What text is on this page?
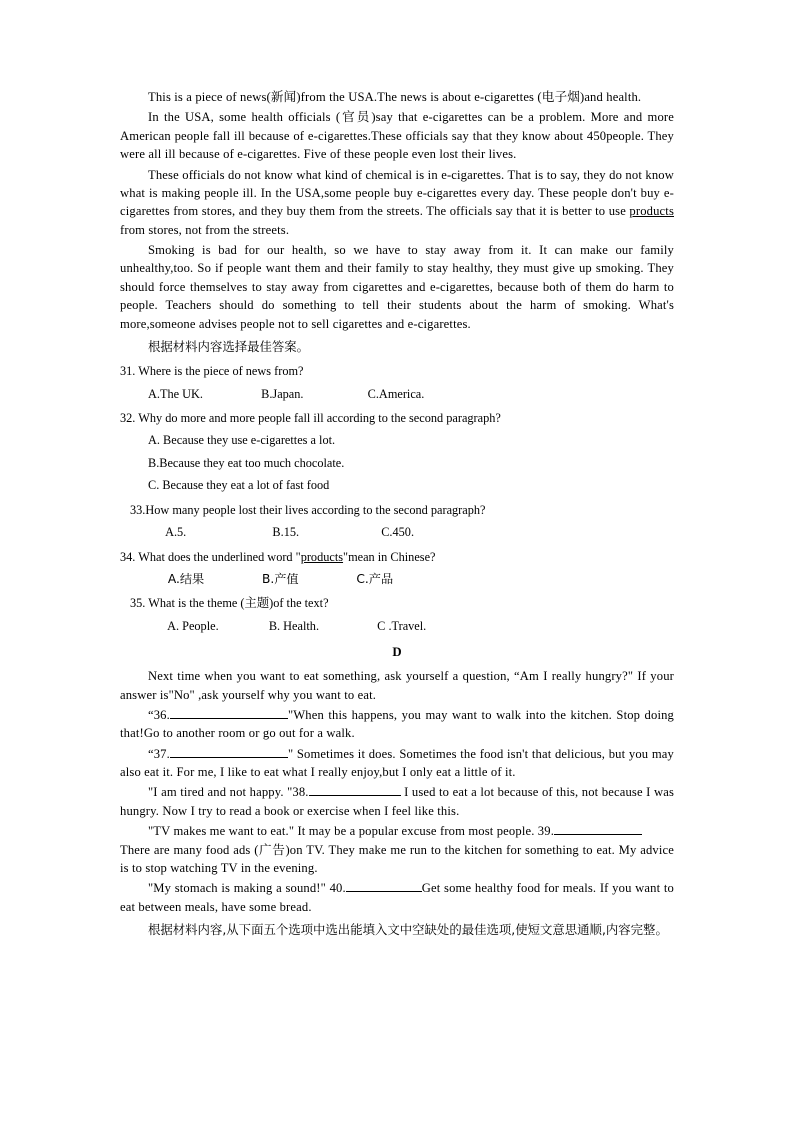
This is a piece of news(新闻)from the USA.The news is about e-cigarettes (电子烟)and health.

In the USA, some health officials (官员)say that e-cigarettes can be a problem. More and more American people fall ill because of e-cigarettes.These officials say that they know about 450people. They were all ill because of e-cigarettes. Five of these people even lost their lives.

These officials do not know what kind of chemical is in e-cigarettes. That is to say, they do not know what is making people ill. In the USA,some people buy e-cigarettes every day. These people don't buy e-cigarettes from stores, and they buy them from the streets. The officials say that it is better to use products from stores, not from the streets.

Smoking is bad for our health, so we have to stay away from it. It can make our family unhealthy,too. So if people want them and their family to stay healthy, they must give up smoking. They should force themselves to stay away from cigarettes and e-cigarettes, because both of them do harm to people. Teachers should do something to tell their students about the harm of smoking. What's more,someone advises people not to sell cigarettes and e-cigarettes.

根据材料内容选择最佳答案。

31. Where is the piece of news from?
A.The UK.	B.Japan.	C.America.
32. Why do more and more people fall ill according to the second paragraph?
A. Because they use e-cigarettes a lot.
B.Because they eat too much chocolate.
C. Because they eat a lot of fast food
33.How many people lost their lives according to the second paragraph?
A.5.	B.15.	C.450.
34. What does the underlined word "products"mean in Chinese?
A.结果	B.产值	C.产品
35. What is the theme (主题)of the text?
A. People.	B. Health.	C .Travel.
D

Next time when you want to eat something, ask yourself a question, “Am I really hungry?" If your answer is"No" ,ask yourself why you want to eat.

“36.	"When this happens, you may want to walk into the kitchen. Stop doing that!Go to another room or go out for a walk.

“37.	" Sometimes it does. Sometimes the food isn't that delicious, but you may also eat it. For me, I like to eat what I really enjoy,but I only eat a little of it.

"I am tired and not happy. "38.	I used to eat a lot because of this, not because I was hungry. Now I try to read a book or exercise when I feel like this.

"TV makes me want to eat." It may be a popular excuse from most people. 39.
There are many food ads (广告)on TV. They make me run to the kitchen for something to eat. My advice is to stop watching TV in the evening.

"My stomach is making a sound!" 40.	Get some healthy food for meals. If you want to eat between meals, have some bread.

根据材料内容,从下面五个选项中选出能填入文中空缺处的最佳选项,使短文意思通顺,内容完整。
